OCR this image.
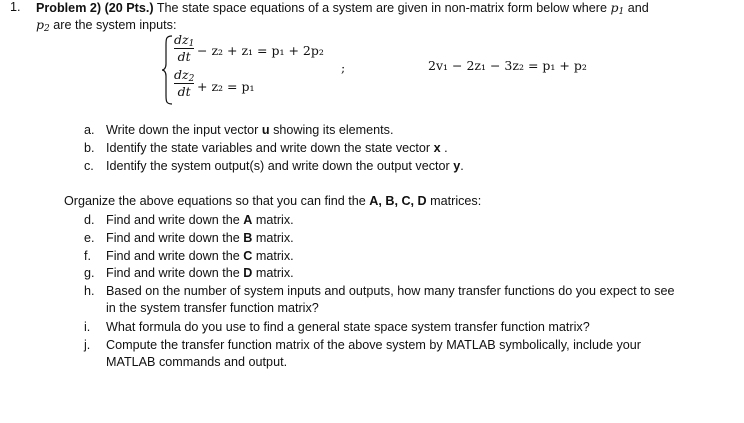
1. Problem 2) (20 Pts.) The state space equations of a system are given in non-matrix form below where $p_1$ and
$p_2$ are the system inputs:
$dz_1$
dt − z₂ + z₁ = p₁ + 2p₂
$dz_2$
dt + z₂ = p₁
;	2v₁ − 2z₁ − 3z₂ = p₁ + p₂
a. Write down the input vector u showing its elements.
b. Identify the state variables and write down the state vector x .
c. Identify the system output(s) and write down the output vector y.
Organize the above equations so that you can find the A, B, C, D matrices:
d. Find and write down the A matrix.
e. Find and write down the B matrix.
f. Find and write down the C matrix.
g. Find and write down the D matrix.
h. Based on the number of system inputs and outputs, how many transfer functions do you expect to see
in the system transfer function matrix?
i. What formula do you use to find a general state space system transfer function matrix?
j. Compute the transfer function matrix of the above system by MATLAB symbolically, include your
MATLAB commands and output.
